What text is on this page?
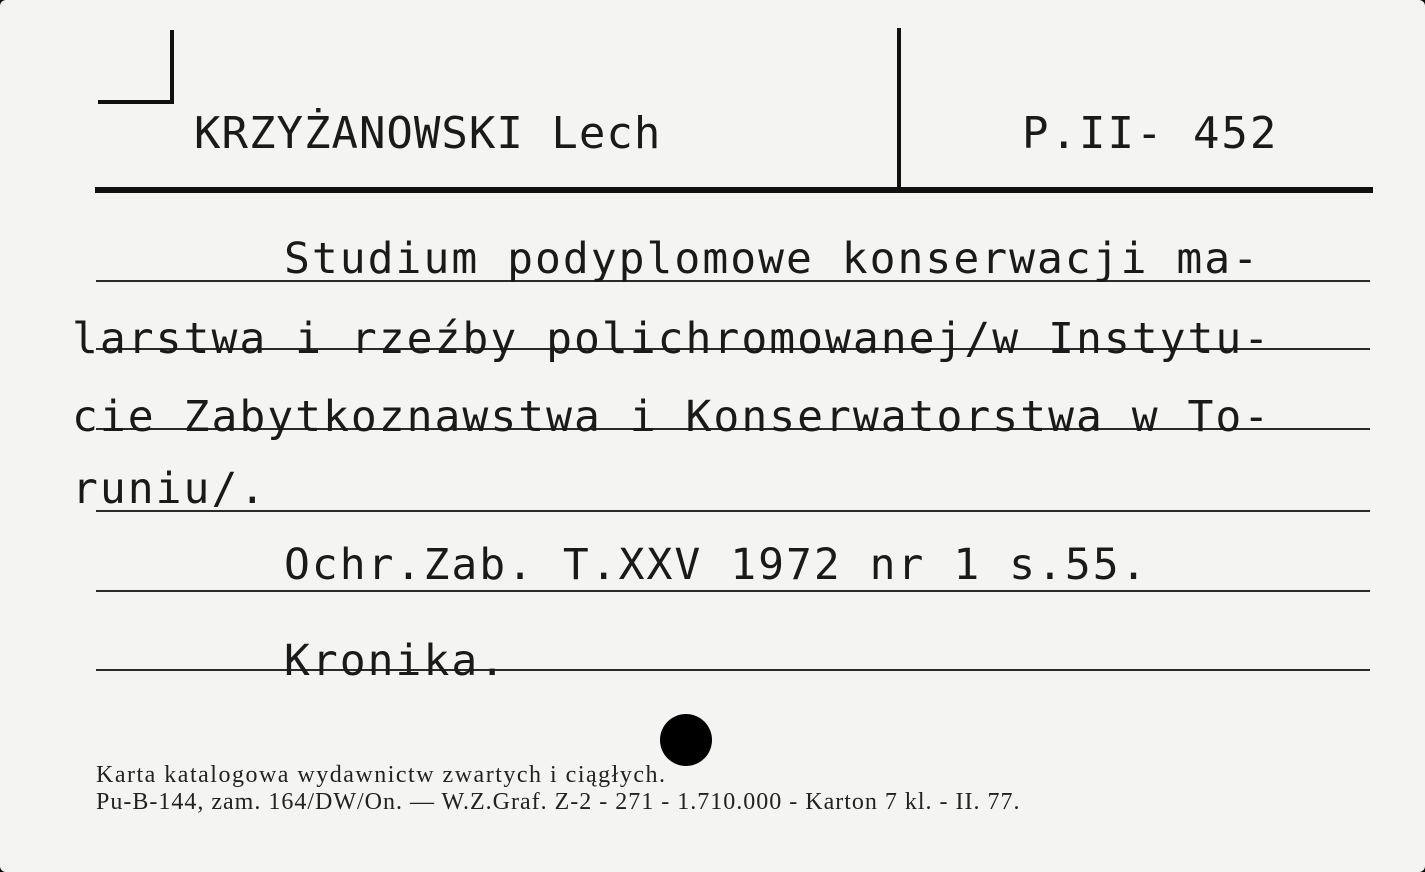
KRZYŻANOWSKI Lech	P.II- 452
Studium podyplomowe konserwacji ma-
larstwa i rzeźby polichromowanej/w Instytu-
cie Zabytkoznawstwa i Konserwatorstwa w To-
runiu/.
Ochr.Zab. T.XXV 1972 nr 1 s.55.
Kronika.
Karta katalogowa wydawnictw zwartych i ciągłych.
Pu-B-144, zam. 164/DW/On. — W.Z.Graf. Z-2 - 271 - 1.710.000 - Karton 7 kl. - II. 77.
